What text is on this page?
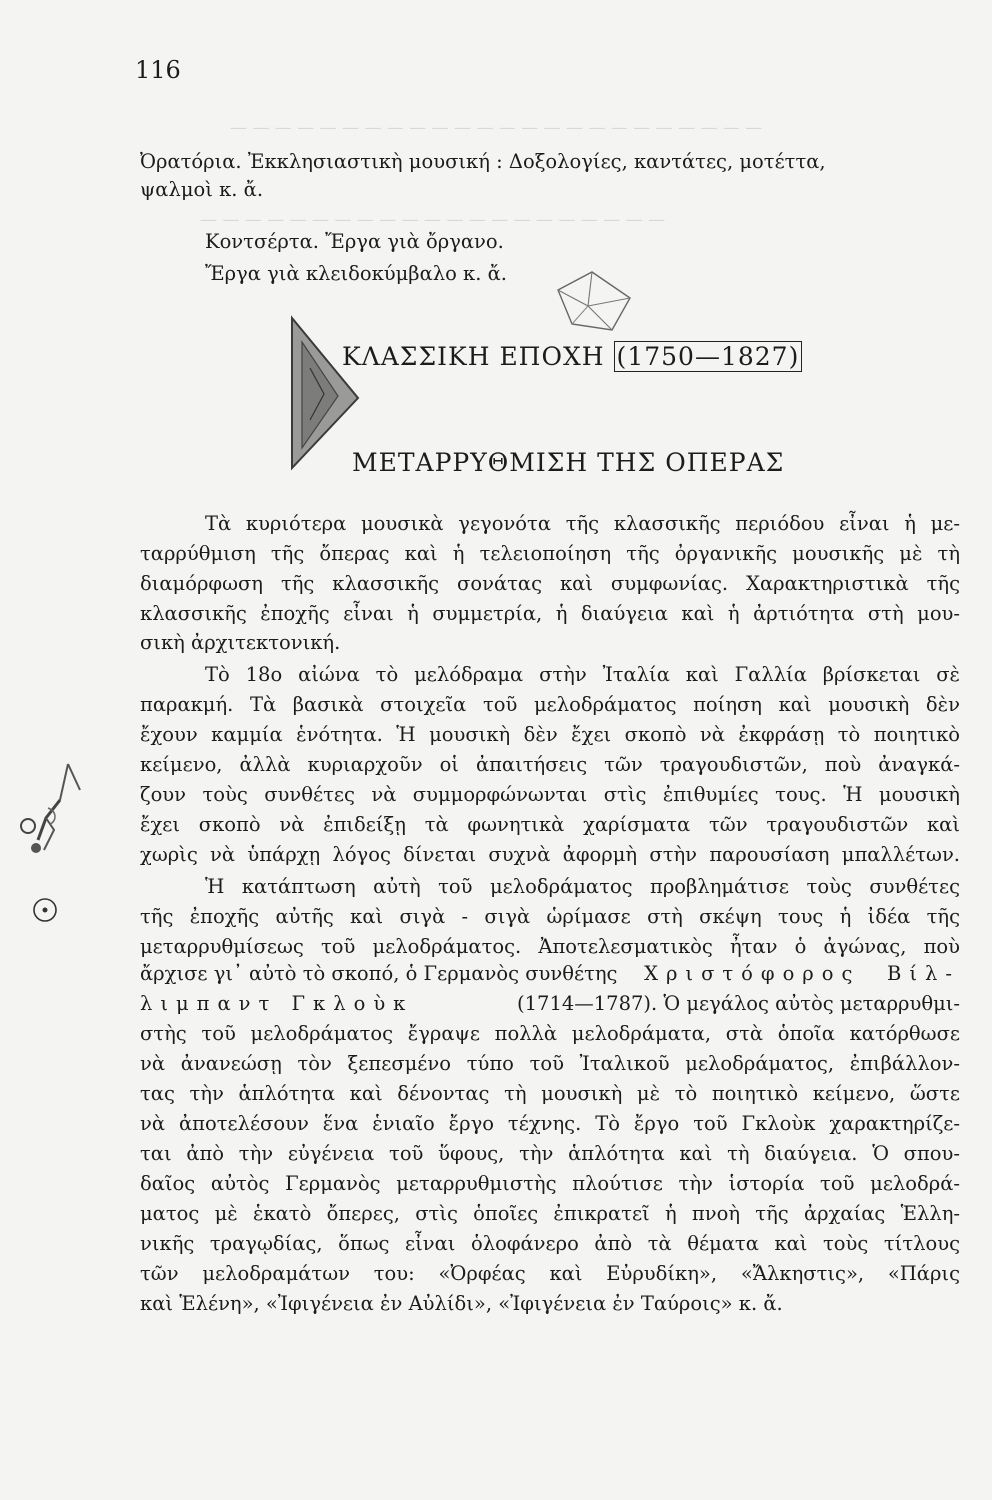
— — — — — — — — — — — — — — — — — — — — — — — —
— — — — — — — — — — — — — — — — — — — — —
116
Ὀρατόρια. Ἐκκλησιαστικὴ μουσική : Δοξολογίες, καντάτες, μοτέττα,
ψαλμοὶ κ. ἄ.
Κοντσέρτα. Ἔργα γιὰ ὄργανο.
Ἔργα γιὰ κλειδοκύμβαλο κ. ἄ.
ΚΛΑΣΣΙΚΗ ΕΠΟΧΗ (1750—1827)
ΜΕΤΑΡΡΥΘΜΙΣΗ ΤΗΣ ΟΠΕΡΑΣ
Τὰ κυριότερα μουσικὰ γεγονότα τῆς κλασσικῆς περιόδου εἶναι ἡ με-
ταρρύθμιση τῆς ὄπερας καὶ ἡ τελειοποίηση τῆς ὀργανικῆς μουσικῆς μὲ τὴ
διαμόρφωση τῆς κλασσικῆς σονάτας καὶ συμφωνίας. Χαρακτηριστικὰ τῆς
κλασσικῆς ἐποχῆς εἶναι ἡ συμμετρία, ἡ διαύγεια καὶ ἡ ἀρτιότητα στὴ μου-
σικὴ ἀρχιτεκτονική.
Τὸ 18ο αἰώνα τὸ μελόδραμα στὴν Ἰταλία καὶ Γαλλία βρίσκεται σὲ
παρακμή. Τὰ βασικὰ στοιχεῖα τοῦ μελοδράματος ποίηση καὶ μουσικὴ δὲν
ἔχουν καμμία ἑνότητα. Ἡ μουσικὴ δὲν ἔχει σκοπὸ νὰ ἐκφράσῃ τὸ ποιητικὸ
κείμενο, ἀλλὰ κυριαρχοῦν οἱ ἀπαιτήσεις τῶν τραγουδιστῶν, ποὺ ἀναγκά-
ζουν τοὺς συνθέτες νὰ συμμορφώνωνται στὶς ἐπιθυμίες τους. Ἡ μουσικὴ
ἔχει σκοπὸ νὰ ἐπιδείξῃ τὰ φωνητικὰ χαρίσματα τῶν τραγουδιστῶν καὶ
χωρὶς νὰ ὑπάρχῃ λόγος δίνεται συχνὰ ἀφορμὴ στὴν παρουσίαση μπαλλέτων.
Ἡ κατάπτωση αὐτὴ τοῦ μελοδράματος προβλημάτισε τοὺς συνθέτες
τῆς ἐποχῆς αὐτῆς καὶ σιγὰ - σιγὰ ὡρίμασε στὴ σκέψη τους ἡ ἰδέα τῆς
μεταρρυθμίσεως τοῦ μελοδράματος. Ἀποτελεσματικὸς ἦταν ὁ ἀγώνας, ποὺ
ἄρχισε γι᾿ αὐτὸ τὸ σκοπό, ὁ Γερμανὸς συνθέτης Χριστόφορος Βίλ-
λιμπαντ Γκλοὺκ	(1714—1787). Ὁ μεγάλος αὐτὸς μεταρρυθμι-
στὴς τοῦ μελοδράματος ἔγραψε πολλὰ μελοδράματα, στὰ ὁποῖα κατόρθωσε
νὰ ἀνανεώσῃ τὸν ξεπεσμένο τύπο τοῦ Ἰταλικοῦ μελοδράματος, ἐπιβάλλον-
τας τὴν ἁπλότητα καὶ δένοντας τὴ μουσικὴ μὲ τὸ ποιητικὸ κείμενο, ὥστε
νὰ ἀποτελέσουν ἕνα ἑνιαῖο ἔργο τέχνης. Τὸ ἔργο τοῦ Γκλοὺκ χαρακτηρίζε-
ται ἀπὸ τὴν εὐγένεια τοῦ ὕφους, τὴν ἁπλότητα καὶ τὴ διαύγεια. Ὁ σπου-
δαῖος αὐτὸς Γερμανὸς μεταρρυθμιστὴς πλούτισε τὴν ἱστορία τοῦ μελοδρά-
ματος μὲ ἑκατὸ ὄπερες, στὶς ὁποῖες ἐπικρατεῖ ἡ πνοὴ τῆς ἀρχαίας Ἑλλη-
νικῆς τραγῳδίας, ὅπως εἶναι ὁλοφάνερο ἀπὸ τὰ θέματα καὶ τοὺς τίτλους
τῶν μελοδραμάτων του: «Ὀρφέας καὶ Εὐρυδίκη», «Ἄλκηστις», «Πάρις
καὶ Ἑλένη», «Ἰφιγένεια ἐν Αὐλίδι», «Ἰφιγένεια ἐν Ταύροις» κ. ἄ.
